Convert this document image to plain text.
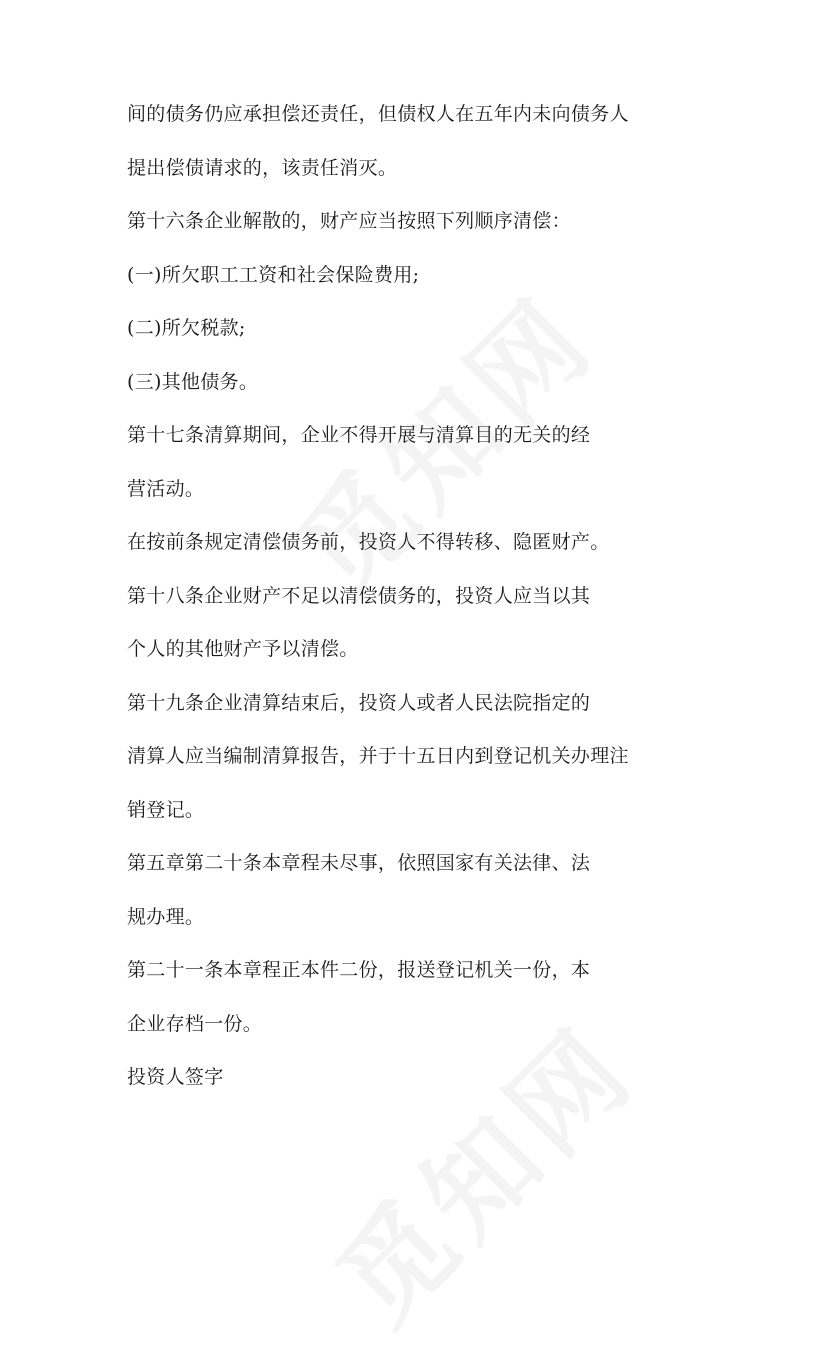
间的债务仍应承担偿还责任，但债权人在五年内未向债务人
提出偿债请求的，该责任消灭。
第十六条企业解散的，财产应当按照下列顺序清偿：
(一)所欠职工工资和社会保险费用;
(二)所欠税款;
(三)其他债务。
第十七条清算期间，企业不得开展与清算目的无关的经
营活动。
在按前条规定清偿债务前，投资人不得转移、隐匿财产。
第十八条企业财产不足以清偿债务的，投资人应当以其
个人的其他财产予以清偿。
第十九条企业清算结束后，投资人或者人民法院指定的
清算人应当编制清算报告，并于十五日内到登记机关办理注
销登记。
第五章第二十条本章程未尽事，依照国家有关法律、法
规办理。
第二十一条本章程正本件二份，报送登记机关一份，本
企业存档一份。
投资人签字
